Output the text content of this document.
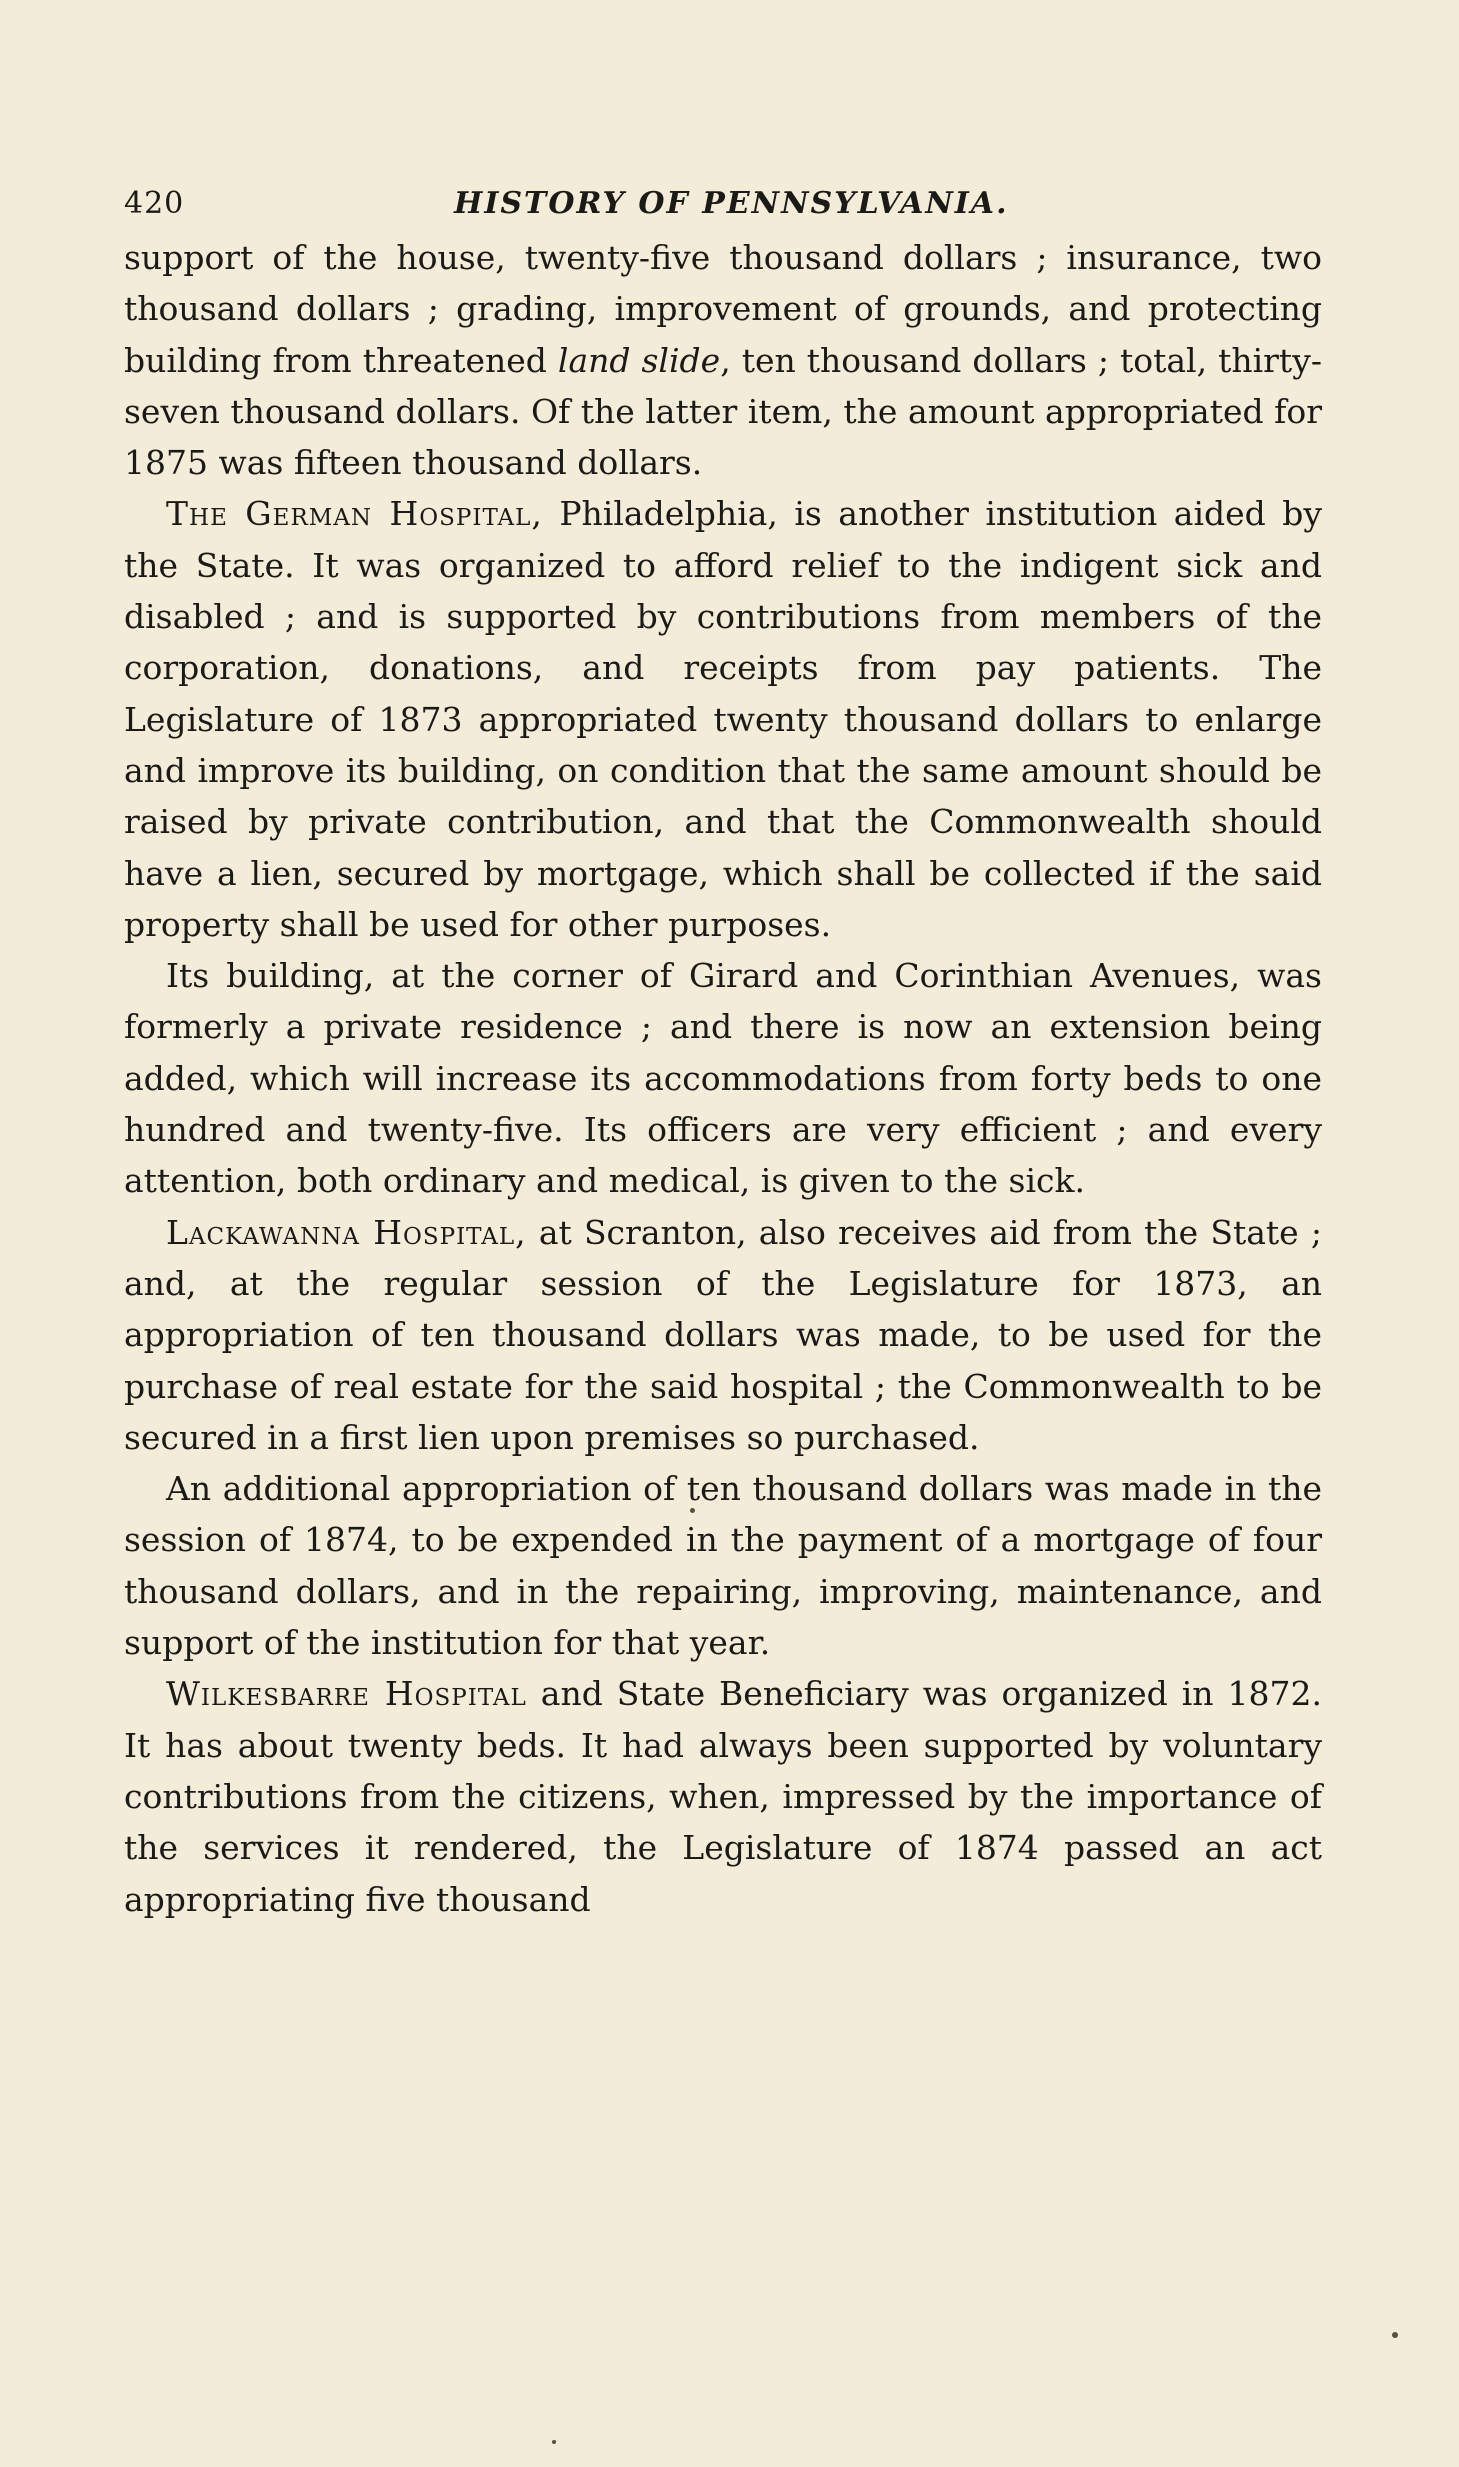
420	HISTORY OF PENNSYLVANIA.

support of the house, twenty-five thousand dollars ; insurance, two thousand dollars ; grading, improvement of grounds, and protecting building from threatened land slide, ten thousand dollars ; total, thirty-seven thousand dollars. Of the latter item, the amount appropriated for 1875 was fifteen thousand dollars.

The German Hospital, Philadelphia, is another institution aided by the State. It was organized to afford relief to the indigent sick and disabled ; and is supported by contributions from members of the corporation, donations, and receipts from pay patients. The Legislature of 1873 appropriated twenty thousand dollars to enlarge and improve its building, on condition that the same amount should be raised by private contribution, and that the Commonwealth should have a lien, secured by mortgage, which shall be collected if the said property shall be used for other purposes.

Its building, at the corner of Girard and Corinthian Avenues, was formerly a private residence ; and there is now an extension being added, which will increase its accommodations from forty beds to one hundred and twenty-five. Its officers are very efficient ; and every attention, both ordinary and medical, is given to the sick.

Lackawanna Hospital, at Scranton, also receives aid from the State ; and, at the regular session of the Legislature for 1873, an appropriation of ten thousand dollars was made, to be used for the purchase of real estate for the said hospital ; the Commonwealth to be secured in a first lien upon premises so purchased.

An additional appropriation of ten thousand dollars was made in the session of 1874, to be expended in the payment of a mortgage of four thousand dollars, and in the repairing, improving, maintenance, and support of the institution for that year.

Wilkesbarre Hospital and State Beneficiary was organized in 1872. It has about twenty beds. It had always been supported by voluntary contributions from the citizens, when, impressed by the importance of the services it rendered, the Legislature of 1874 passed an act appropriating five thousand
